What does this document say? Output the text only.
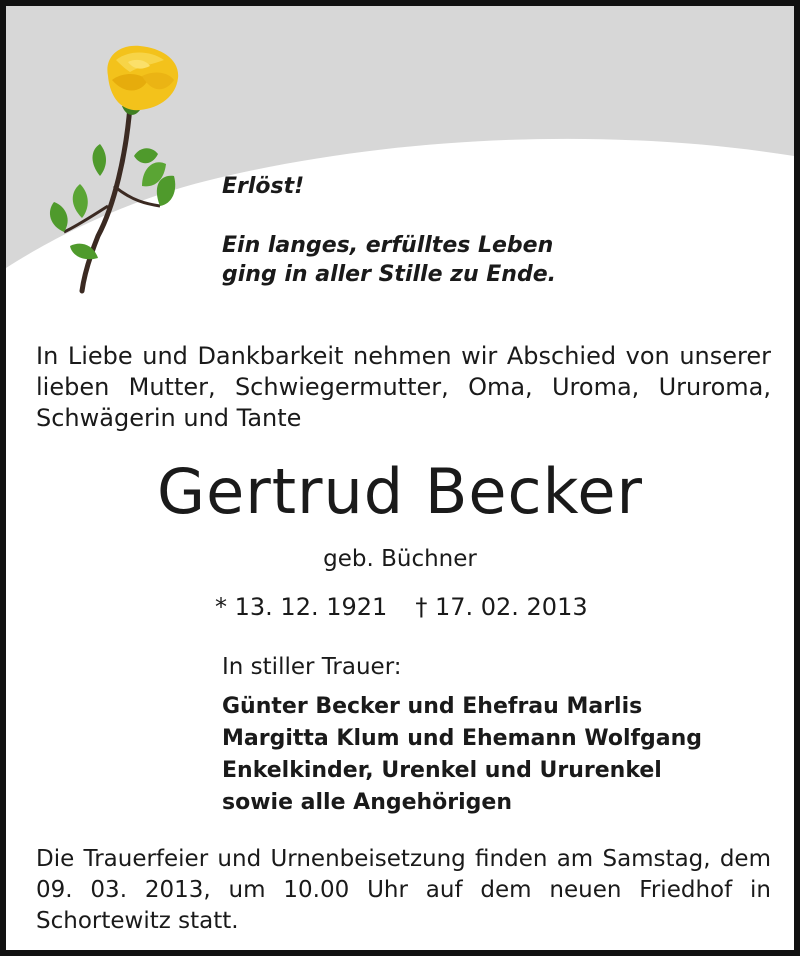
Erlöst!
Ein langes, erfülltes Leben
ging in aller Stille zu Ende.
In Liebe und Dankbarkeit nehmen wir Abschied von unserer lieben Mutter, Schwiegermutter, Oma, Uroma, Ururoma, Schwägerin und Tante
Gertrud Becker
geb. Büchner
* 13. 12. 1921 † 17. 02. 2013
In stiller Trauer:
Günter Becker und Ehefrau Marlis
Margitta Klum und Ehemann Wolfgang
Enkelkinder, Urenkel und Ururenkel
sowie alle Angehörigen
Die Trauerfeier und Urnenbeisetzung finden am Samstag, dem 09. 03. 2013, um 10.00 Uhr auf dem neuen Friedhof in Schortewitz statt.
